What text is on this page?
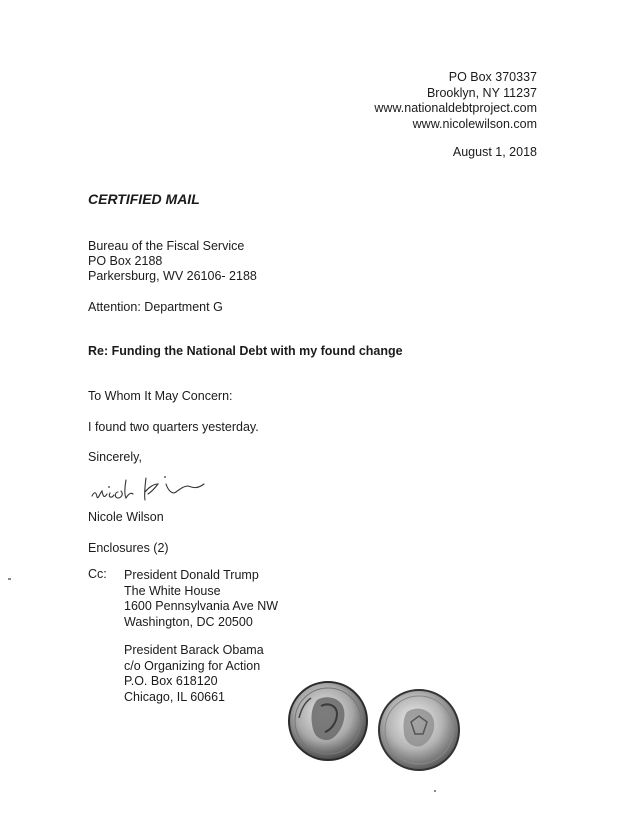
PO Box 370337
Brooklyn, NY 11237
www.nationaldebtproject.com
www.nicolewilson.com
August 1, 2018
CERTIFIED MAIL
Bureau of the Fiscal Service
PO Box 2188
Parkersburg, WV 26106- 2188
Attention: Department G
Re: Funding the National Debt with my found change
To Whom It May Concern:
I found two quarters yesterday.
Sincerely,
Nicole Wilson
Enclosures (2)
Cc: President Donald Trump
The White House
1600 Pennsylvania Ave NW
Washington, DC 20500
President Barack Obama
c/o Organizing for Action
P.O. Box 618120
Chicago, IL 60661
